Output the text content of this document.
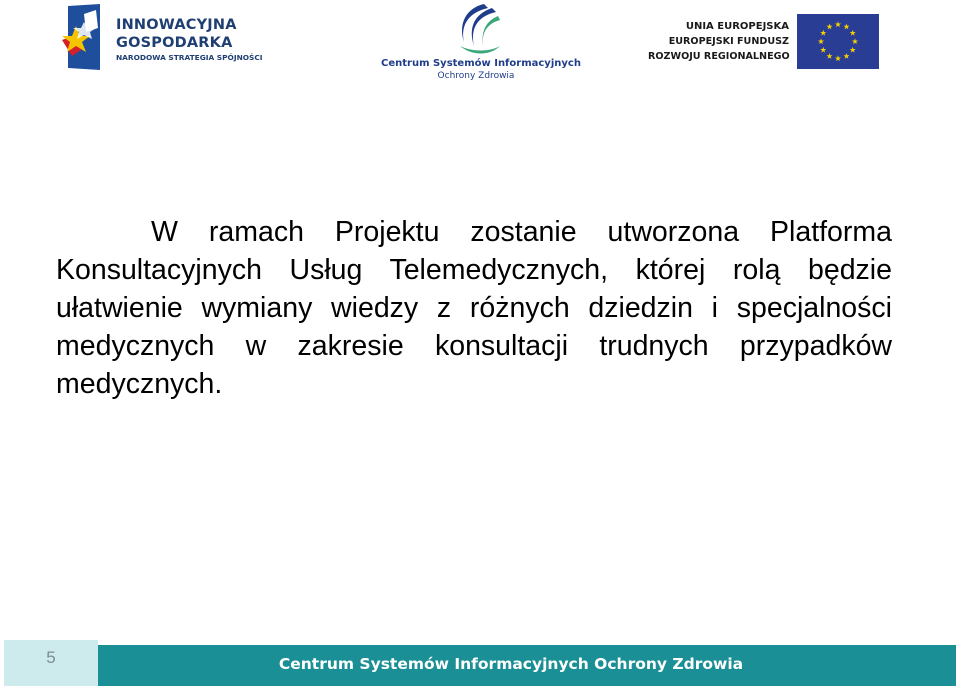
INNOWACYJNA
GOSPODARKA
NARODOWA STRATEGIA SPÓJNOŚCI
Centrum Systemów Informacyjnych
Ochrony Zdrowia
UNIA EUROPEJSKA
EUROPEJSKI FUNDUSZ
ROZWOJU REGIONALNEGO

W ramach Projektu zostanie utworzona Platforma Konsultacyjnych Usług Telemedycznych, której rolą będzie ułatwienie wymiany wiedzy z różnych dziedzin i specjalności medycznych w zakresie konsultacji trudnych przypadków medycznych.

5	Centrum Systemów Informacyjnych Ochrony Zdrowia
